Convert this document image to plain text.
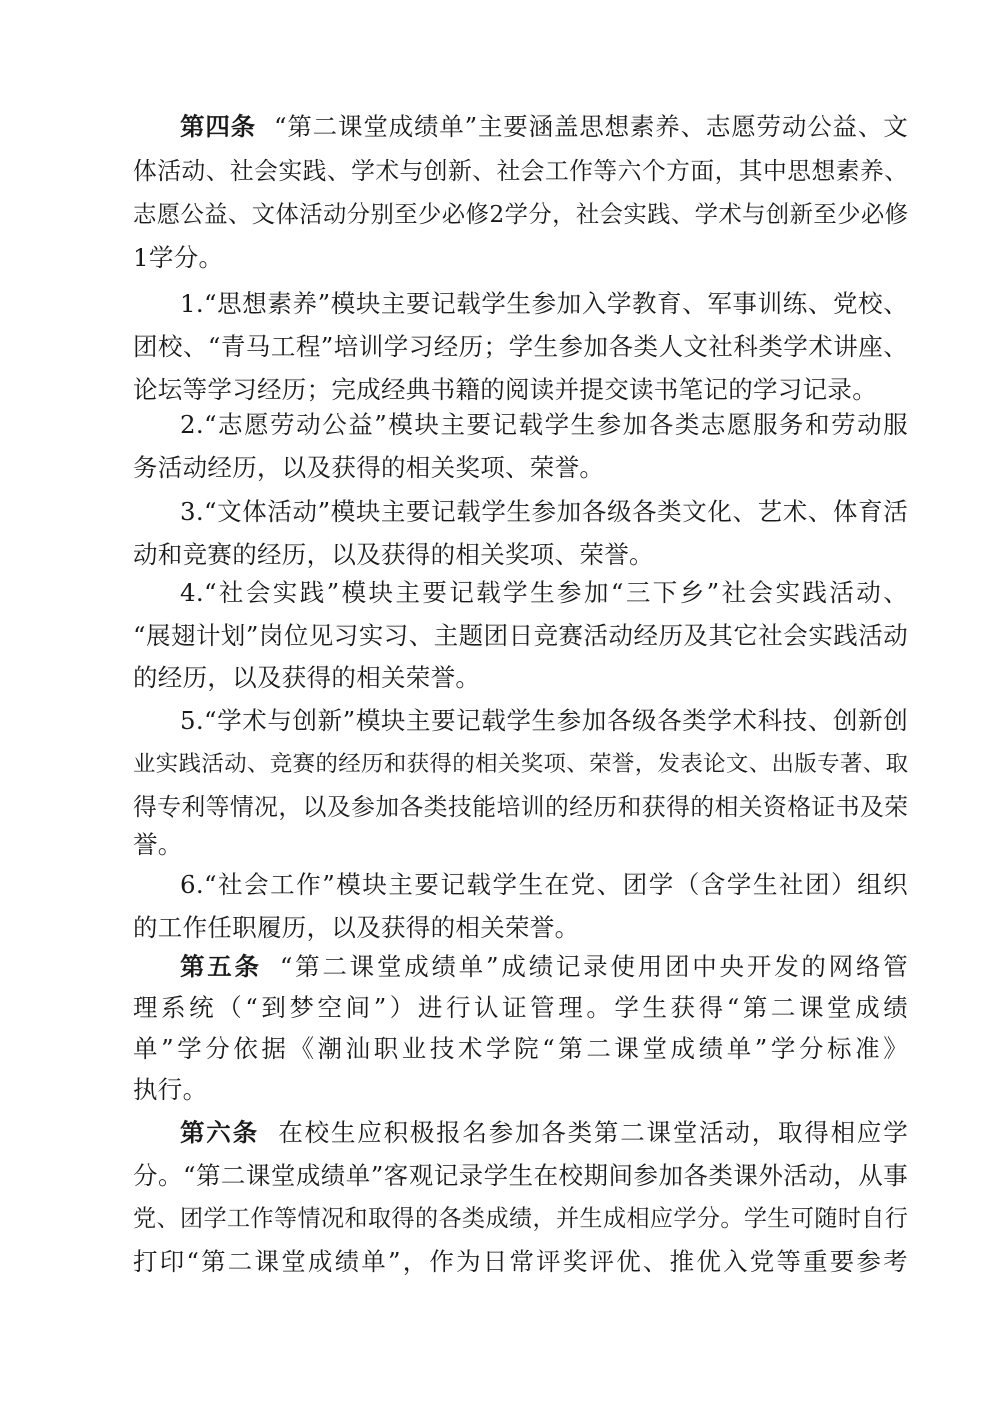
第四条 “第二课堂成绩单”主要涵盖思想素养、志愿劳动公益、文
体活动、社会实践、学术与创新、社会工作等六个方面，其中思想素养、
志愿公益、文体活动分别至少必修2学分，社会实践、学术与创新至少必修
1学分。
1.“思想素养”模块主要记载学生参加入学教育、军事训练、党校、
团校、“青马工程”培训学习经历；学生参加各类人文社科类学术讲座、
论坛等学习经历；完成经典书籍的阅读并提交读书笔记的学习记录。
2.“志愿劳动公益”模块主要记载学生参加各类志愿服务和劳动服
务活动经历，以及获得的相关奖项、荣誉。
3.“文体活动”模块主要记载学生参加各级各类文化、艺术、体育活
动和竞赛的经历，以及获得的相关奖项、荣誉。
4.“社会实践”模块主要记载学生参加“三下乡”社会实践活动、
“展翅计划”岗位见习实习、主题团日竞赛活动经历及其它社会实践活动
的经历，以及获得的相关荣誉。
5.“学术与创新”模块主要记载学生参加各级各类学术科技、创新创
业实践活动、竞赛的经历和获得的相关奖项、荣誉，发表论文、出版专著、取
得专利等情况，以及参加各类技能培训的经历和获得的相关资格证书及荣
誉。
6.“社会工作”模块主要记载学生在党、团学（含学生社团）组织
的工作任职履历，以及获得的相关荣誉。
第五条 “第二课堂成绩单”成绩记录使用团中央开发的网络管
理系统（“到梦空间”）进行认证管理。学生获得“第二课堂成绩
单”学分依据《潮汕职业技术学院“第二课堂成绩单”学分标准》
执行。
第六条 在校生应积极报名参加各类第二课堂活动，取得相应学
分。“第二课堂成绩单”客观记录学生在校期间参加各类课外活动，从事
党、团学工作等情况和取得的各类成绩，并生成相应学分。学生可随时自行
打印“第二课堂成绩单”，作为日常评奖评优、推优入党等重要参考
